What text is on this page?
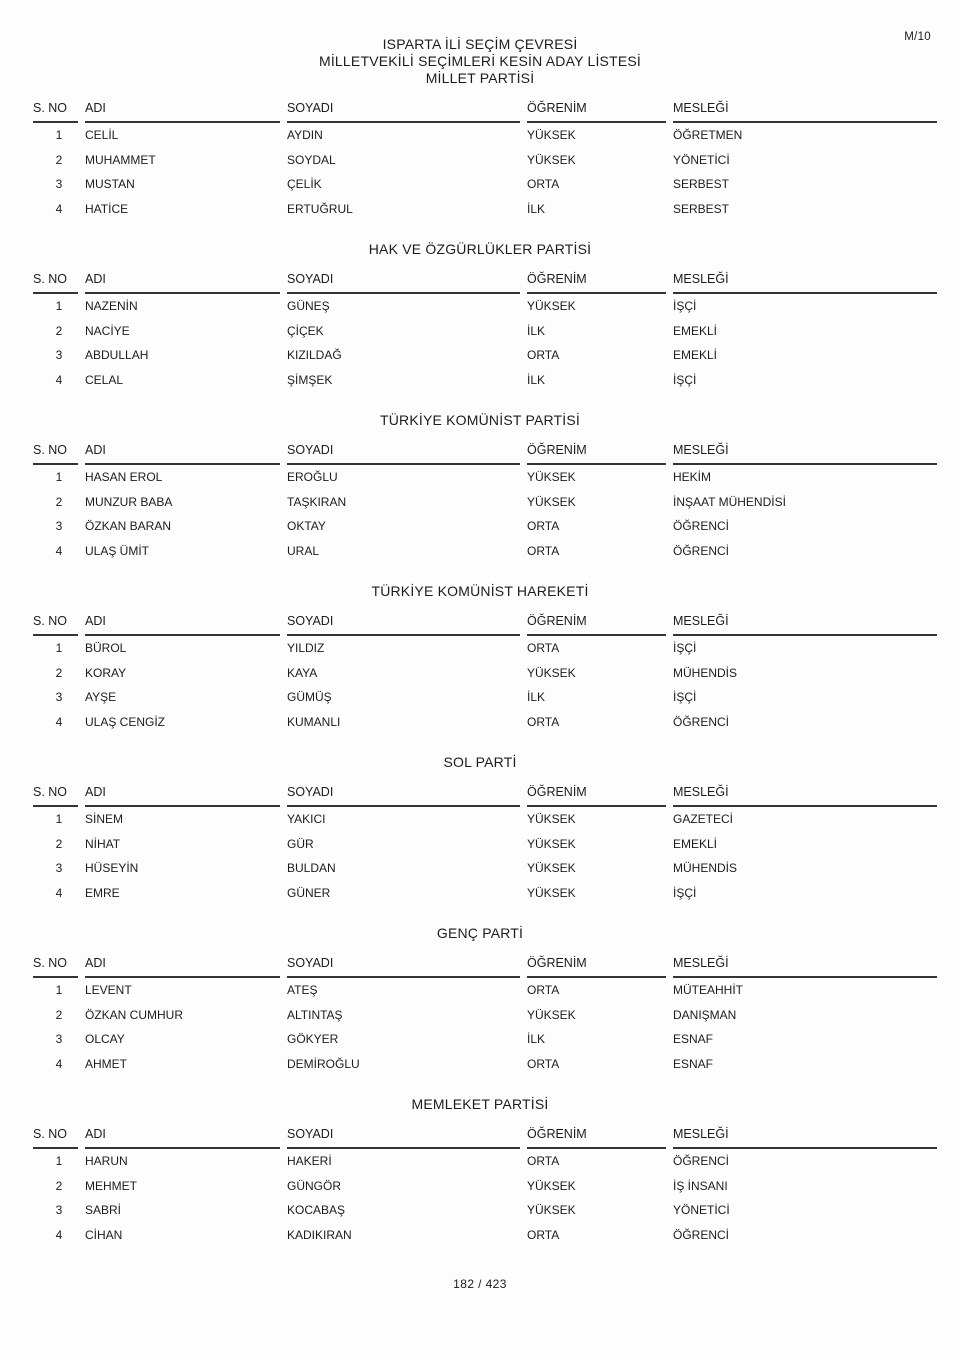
M/10
ISPARTA İLİ SEÇİM ÇEVRESİ
MİLLETVEKİLİ SEÇİMLERİ KESİN ADAY LİSTESİ
MİLLET PARTİSİ
S. NO	ADI	SOYADI	ÖĞRENİM	MESLEĞİ
1	CELİL	AYDIN	YÜKSEK	ÖĞRETMEN
2	MUHAMMET	SOYDAL	YÜKSEK	YÖNETİCİ
3	MUSTAN	ÇELİK	ORTA	SERBEST
4	HATİCE	ERTUĞRUL	İLK	SERBEST
HAK VE ÖZGÜRLÜKLER PARTİSİ
S. NO	ADI	SOYADI	ÖĞRENİM	MESLEĞİ
1	NAZENİN	GÜNEŞ	YÜKSEK	İŞÇİ
2	NACİYE	ÇİÇEK	İLK	EMEKLİ
3	ABDULLAH	KIZILDAĞ	ORTA	EMEKLİ
4	CELAL	ŞİMŞEK	İLK	İŞÇİ
TÜRKİYE KOMÜNİST PARTİSİ
S. NO	ADI	SOYADI	ÖĞRENİM	MESLEĞİ
1	HASAN EROL	EROĞLU	YÜKSEK	HEKİM
2	MUNZUR BABA	TAŞKIRAN	YÜKSEK	İNŞAAT MÜHENDİSİ
3	ÖZKAN BARAN	OKTAY	ORTA	ÖĞRENCİ
4	ULAŞ ÜMİT	URAL	ORTA	ÖĞRENCİ
TÜRKİYE KOMÜNİST HAREKETİ
S. NO	ADI	SOYADI	ÖĞRENİM	MESLEĞİ
1	BÜROL	YILDIZ	ORTA	İŞÇİ
2	KORAY	KAYA	YÜKSEK	MÜHENDİS
3	AYŞE	GÜMÜŞ	İLK	İŞÇİ
4	ULAŞ CENGİZ	KUMANLI	ORTA	ÖĞRENCİ
SOL PARTİ
S. NO	ADI	SOYADI	ÖĞRENİM	MESLEĞİ
1	SİNEM	YAKICI	YÜKSEK	GAZETECİ
2	NİHAT	GÜR	YÜKSEK	EMEKLİ
3	HÜSEYİN	BULDAN	YÜKSEK	MÜHENDİS
4	EMRE	GÜNER	YÜKSEK	İŞÇİ
GENÇ PARTİ
S. NO	ADI	SOYADI	ÖĞRENİM	MESLEĞİ
1	LEVENT	ATEŞ	ORTA	MÜTEAHHİT
2	ÖZKAN CUMHUR	ALTINTAŞ	YÜKSEK	DANIŞMAN
3	OLCAY	GÖKYER	İLK	ESNAF
4	AHMET	DEMİROĞLU	ORTA	ESNAF
MEMLEKET PARTİSİ
S. NO	ADI	SOYADI	ÖĞRENİM	MESLEĞİ
1	HARUN	HAKERİ	ORTA	ÖĞRENCİ
2	MEHMET	GÜNGÖR	YÜKSEK	İŞ İNSANI
3	SABRİ	KOCABAŞ	YÜKSEK	YÖNETİCİ
4	CİHAN	KADIKIRAN	ORTA	ÖĞRENCİ
182 / 423
